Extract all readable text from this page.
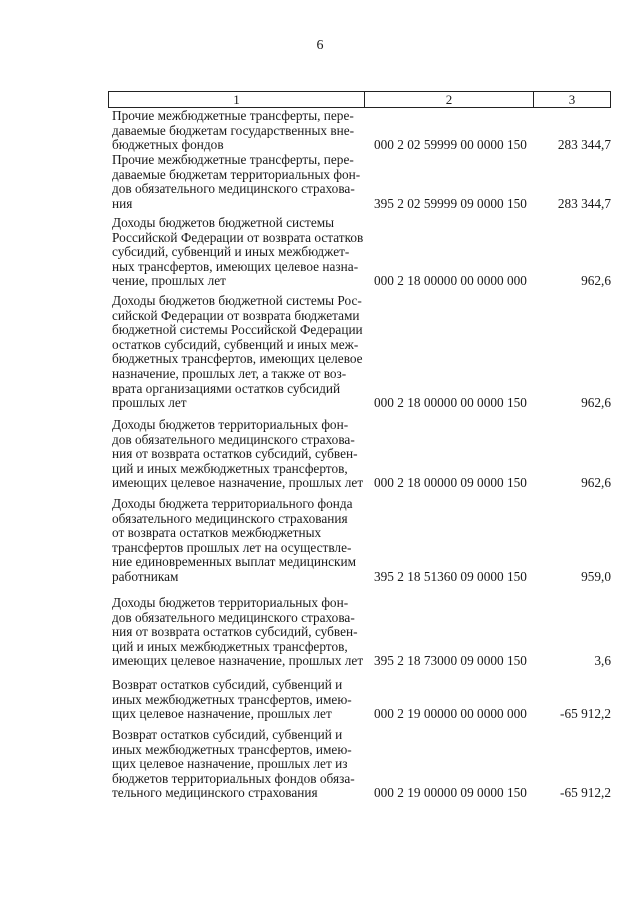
6
1	2	3
Прочие межбюджетные трансферты, пере-
даваемые бюджетам государственных вне-
бюджетных фондов	000 2 02 59999 00 0000 150 283 344,7
Прочие межбюджетные трансферты, пере-
даваемые бюджетам территориальных фон-
дов обязательного медицинского страхова-
ния	395 2 02 59999 09 0000 150 283 344,7
Доходы бюджетов бюджетной системы
Российской Федерации от возврата остатков
субсидий, субвенций и иных межбюджет-
ных трансфертов, имеющих целевое назна-
чение, прошлых лет	000 2 18 00000 00 0000 000	962,6
Доходы бюджетов бюджетной системы Рос-
сийской Федерации от возврата бюджетами
бюджетной системы Российской Федерации
остатков субсидий, субвенций и иных меж-
бюджетных трансфертов, имеющих целевое
назначение, прошлых лет, а также от воз-
врата организациями остатков субсидий
прошлых лет	000 2 18 00000 00 0000 150	962,6
Доходы бюджетов территориальных фон-
дов обязательного медицинского страхова-
ния от возврата остатков субсидий, субвен-
ций и иных межбюджетных трансфертов,
имеющих целевое назначение, прошлых лет 000 2 18 00000 09 0000 150	962,6
Доходы бюджета территориального фонда
обязательного медицинского страхования
от возврата остатков межбюджетных
трансфертов прошлых лет на осуществле-
ние единовременных выплат медицинским
работникам	395 2 18 51360 09 0000 150	959,0
Доходы бюджетов территориальных фон-
дов обязательного медицинского страхова-
ния от возврата остатков субсидий, субвен-
ций и иных межбюджетных трансфертов,
имеющих целевое назначение, прошлых лет 395 2 18 73000 09 0000 150	3,6
Возврат остатков субсидий, субвенций и
иных межбюджетных трансфертов, имею-
щих целевое назначение, прошлых лет	000 2 19 00000 00 0000 000 -65 912,2
Возврат остатков субсидий, субвенций и
иных межбюджетных трансфертов, имею-
щих целевое назначение, прошлых лет из
бюджетов территориальных фондов обяза-
тельного медицинского страхования	000 2 19 00000 09 0000 150 -65 912,2
